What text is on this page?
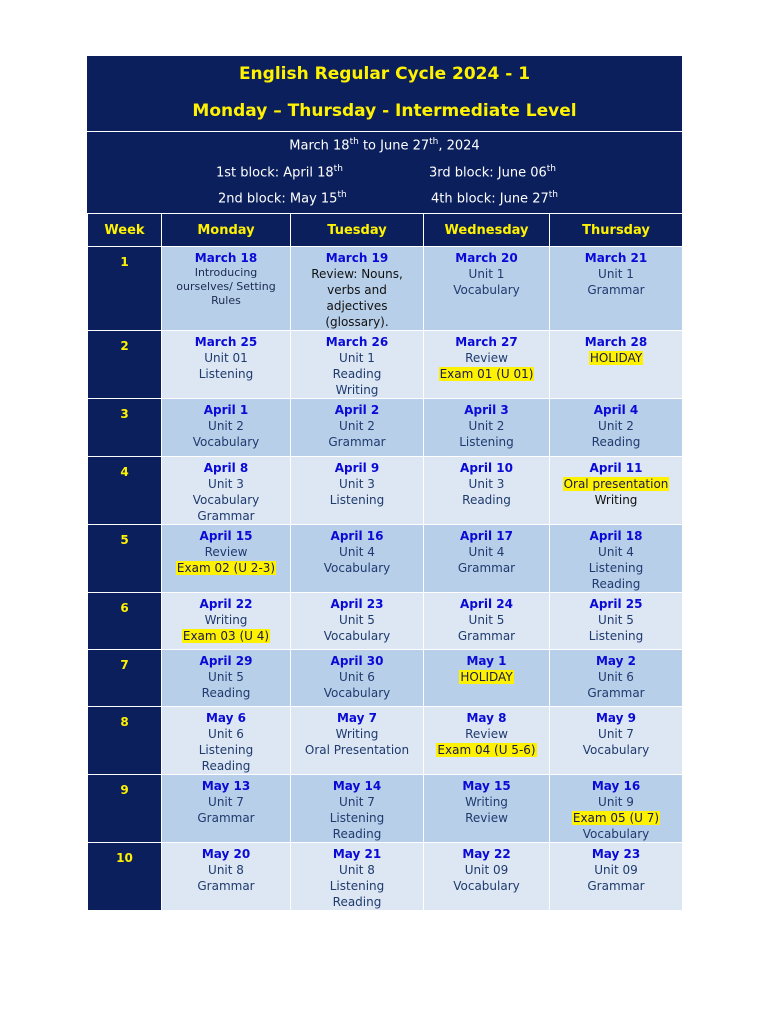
English Regular Cycle 2024 - 1
Monday – Thursday - Intermediate Level
March 18th to June 27th, 2024
1st block: April 18th	3rd block: June 06th
2nd block: May 15th	4th block: June 27th
Week	Monday	Tuesday	Wednesday	Thursday
1	March 18
Introducing
ourselves/ Setting
Rules	March 19
Review: Nouns,
verbs and
adjectives
(glossary).	March 20
Unit 1
Vocabulary	March 21
Unit 1
Grammar

2	March 25
Unit 01
Listening	March 26
Unit 1
Reading
Writing	March 27
Review
Exam 01 (U 01)	March 28
HOLIDAY

3	April 1
Unit 2
Vocabulary	April 2
Unit 2
Grammar	April 3
Unit 2
Listening	April 4
Unit 2
Reading

4	April 8
Unit 3
Vocabulary
Grammar	April 9
Unit 3
Listening	April 10
Unit 3
Reading	April 11
Oral presentation
Writing

5	April 15
Review
Exam 02 (U 2-3)	April 16
Unit 4
Vocabulary	April 17
Unit 4
Grammar	April 18
Unit 4
Listening
Reading

6	April 22
Writing
Exam 03 (U 4)	April 23
Unit 5
Vocabulary	April 24
Unit 5
Grammar	April 25
Unit 5
Listening

7	April 29
Unit 5
Reading	April 30
Unit 6
Vocabulary	May 1
HOLIDAY	May 2
Unit 6
Grammar

8	May 6
Unit 6
Listening
Reading	May 7
Writing
Oral Presentation	May 8
Review
Exam 04 (U 5-6)	May 9
Unit 7
Vocabulary

9	May 13
Unit 7
Grammar	May 14
Unit 7
Listening
Reading	May 15
Writing
Review	May 16
Unit 9
Exam 05 (U 7)
Vocabulary

10	May 20
Unit 8
Grammar	May 21
Unit 8
Listening
Reading	May 22
Unit 09
Vocabulary	May 23
Unit 09
Grammar
